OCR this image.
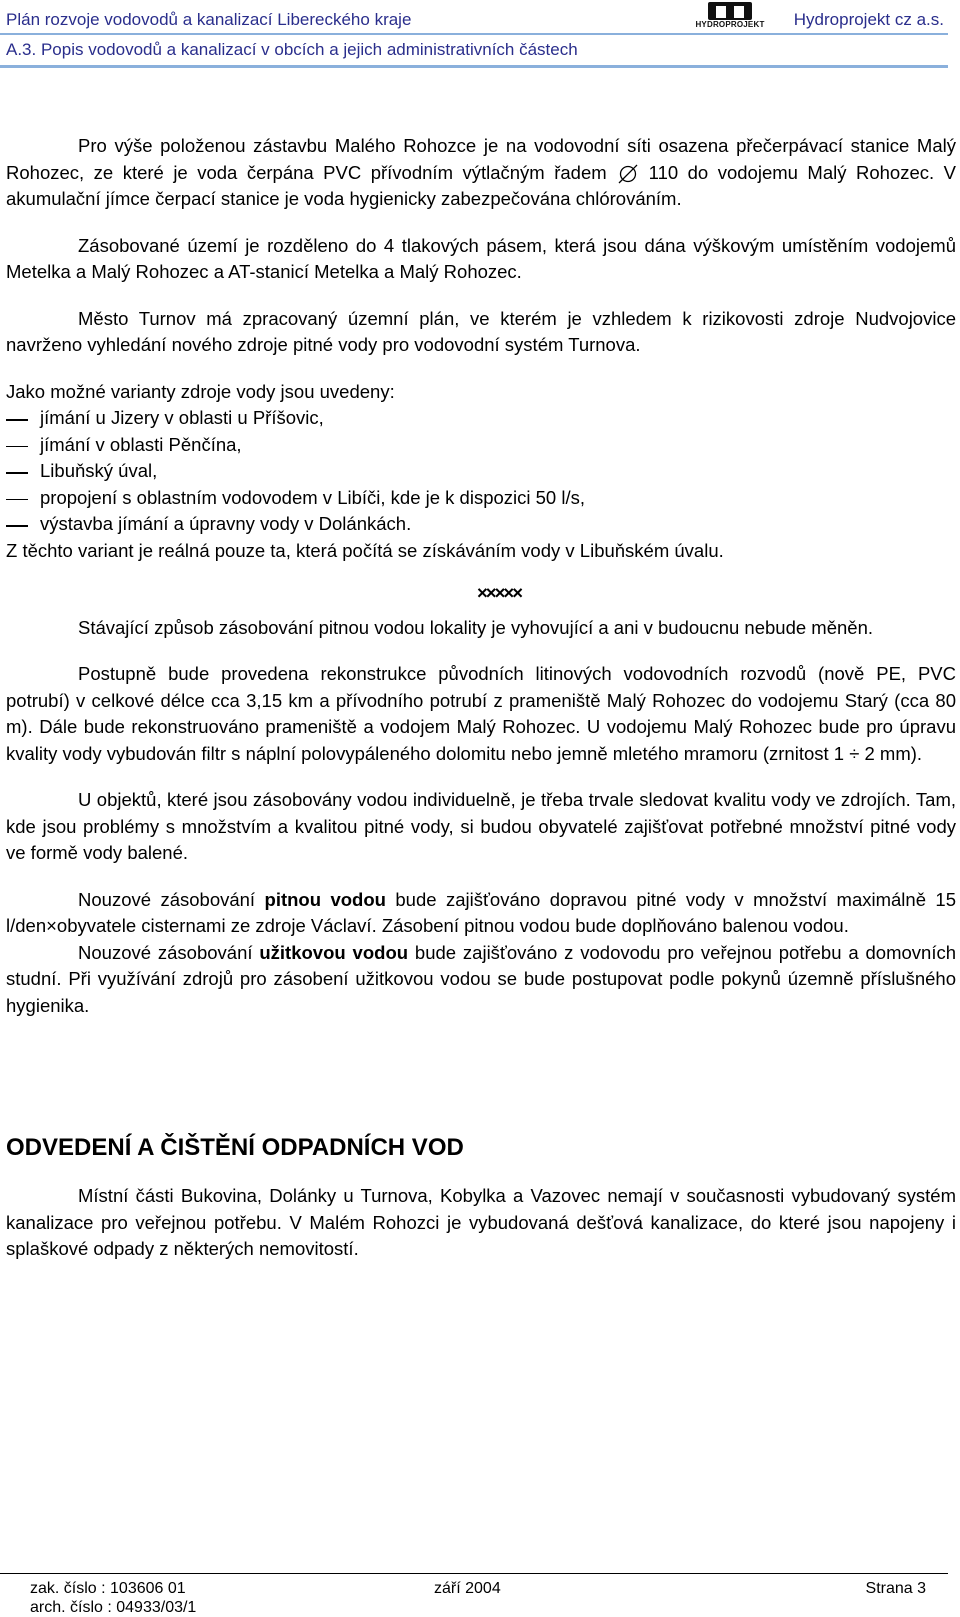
Plán rozvoje vodovodů a kanalizací Libereckého kraje	HYDROPROJEKT Hydroprojekt cz a.s.
A.3. Popis vodovodů a kanalizací v obcích a jejich administrativních částech

Pro výše položenou zástavbu Malého Rohozce je na vodovodní síti osazena přečerpávací stanice Malý Rohozec, ze které je voda čerpána PVC přívodním výtlačným řadem 110 do vodojemu Malý Rohozec. V akumulační jímce čerpací stanice je voda hygienicky zabezpečována chlórováním.

Zásobované území je rozděleno do 4 tlakových pásem, která jsou dána výškovým umístěním vodojemů Metelka a Malý Rohozec a AT-stanicí Metelka a Malý Rohozec.

Město Turnov má zpracovaný územní plán, ve kterém je vzhledem k rizikovosti zdroje Nudvojovice navrženo vyhledání nového zdroje pitné vody pro vodovodní systém Turnova.

Jako možné varianty zdroje vody jsou uvedeny:

jímání u Jizery v oblasti u Příšovic,
jímání v oblasti Pěnčína,
Libuňský úval,
propojení s oblastním vodovodem v Libíči, kde je k dispozici 50 l/s,
výstavba jímání a úpravny vody v Dolánkách.

Z těchto variant je reálná pouze ta, která počítá se získáváním vody v Libuňském úvalu.

×××××

Stávající způsob zásobování pitnou vodou lokality je vyhovující a ani v budoucnu nebude měněn.

Postupně bude provedena rekonstrukce původních litinových vodovodních rozvodů (nově PE, PVC potrubí) v celkové délce cca 3,15 km a přívodního potrubí z prameniště Malý Rohozec do vodojemu Starý (cca 80 m). Dále bude rekonstruováno prameniště a vodojem Malý Rohozec. U vodojemu Malý Rohozec bude pro úpravu kvality vody vybudován filtr s náplní polovypáleného dolomitu nebo jemně mletého mramoru (zrnitost 1 ÷ 2 mm).

U objektů, které jsou zásobovány vodou individuelně, je třeba trvale sledovat kvalitu vody ve zdrojích. Tam, kde jsou problémy s množstvím a kvalitou pitné vody, si budou obyvatelé zajišťovat potřebné množství pitné vody ve formě vody balené.

Nouzové zásobování pitnou vodou bude zajišťováno dopravou pitné vody v množství maximálně 15 l/den×obyvatele cisternami ze zdroje Václaví. Zásobení pitnou vodou bude doplňováno balenou vodou.

Nouzové zásobování užitkovou vodou bude zajišťováno z vodovodu pro veřejnou potřebu a domovních studní. Při využívání zdrojů pro zásobení užitkovou vodou se bude postupovat podle pokynů územně příslušného hygienika.

ODVEDENÍ A ČIŠTĚNÍ ODPADNÍCH VOD

Místní části Bukovina, Dolánky u Turnova, Kobylka a Vazovec nemají v současnosti vybudovaný systém kanalizace pro veřejnou potřebu. V Malém Rohozci je vybudovaná dešťová kanalizace, do které jsou napojeny i splaškové odpady z některých nemovitostí.

zak. číslo : 103606 01	září 2004	Strana 3
arch. číslo : 04933/03/1
